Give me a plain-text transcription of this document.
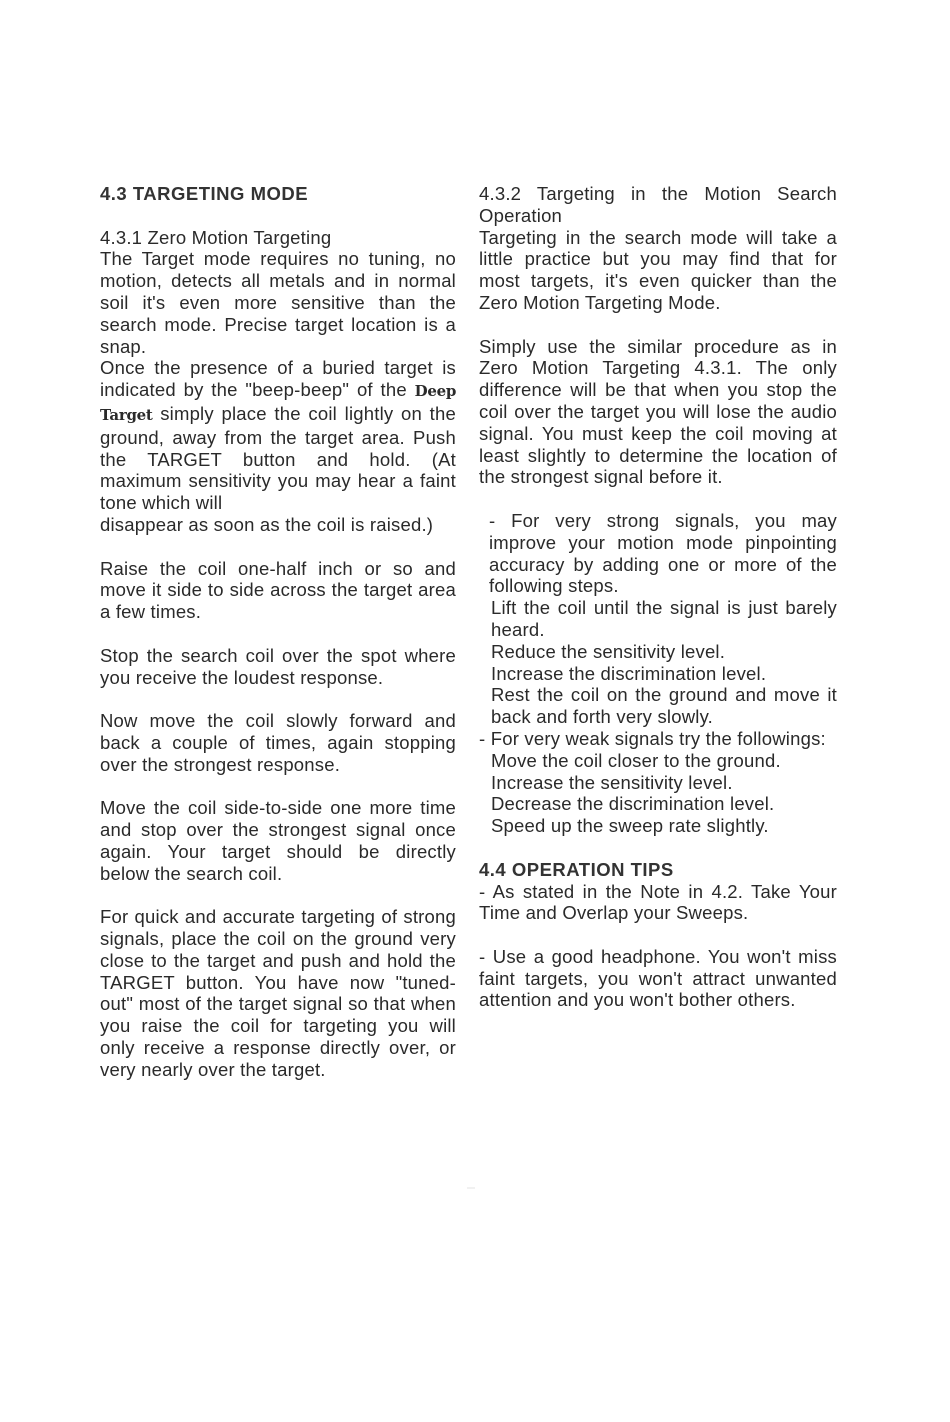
4.3 TARGETING MODE

4.3.1 Zero Motion Targeting

The Target mode requires no tuning, no motion, detects all metals and in normal soil it's even more sensitive than the search mode. Precise target location is a snap.

Once the presence of a buried target is indicated by the "beep-beep" of the Deep Target simply place the coil lightly on the ground, away from the target area. Push the TARGET button and hold. (At maximum sensitivity you may hear a faint tone which will

disappear as soon as the coil is raised.)

Raise the coil one-half inch or so and move it side to side across the target area a few times.

Stop the search coil over the spot where you receive the loudest response.

Now move the coil slowly forward and back a couple of times, again stopping over the strongest response.

Move the coil side-to-side one more time and stop over the strongest signal once again. Your target should be directly below the search coil.

For quick and accurate targeting of strong signals, place the coil on the ground very close to the target and push and hold the TARGET button. You have now "tuned-out" most of the target signal so that when you raise the coil for targeting you will only receive a response directly over, or very nearly over the target.

4.3.2 Targeting in the Motion Search Operation

Targeting in the search mode will take a little practice but you may find that for most targets, it's even quicker than the Zero Motion Targeting Mode.

Simply use the similar procedure as in Zero Motion Targeting 4.3.1. The only difference will be that when you stop the coil over the target you will lose the audio signal. You must keep the coil moving at least slightly to determine the location of the strongest signal before it.

- For very strong signals, you may improve your motion mode pinpointing accuracy by adding one or more of the following steps.

Lift the coil until the signal is just barely heard.

Reduce the sensitivity level.

Increase the discrimination level.

Rest the coil on the ground and move it back and forth very slowly.

- For very weak signals try the followings:

Move the coil closer to the ground.

Increase the sensitivity level.

Decrease the discrimination level.

Speed up the sweep rate slightly.

4.4 OPERATION TIPS

- As stated in the Note in 4.2. Take Your Time and Overlap your Sweeps.

- Use a good headphone. You won't miss faint targets, you won't attract unwanted attention and you won't bother others.
